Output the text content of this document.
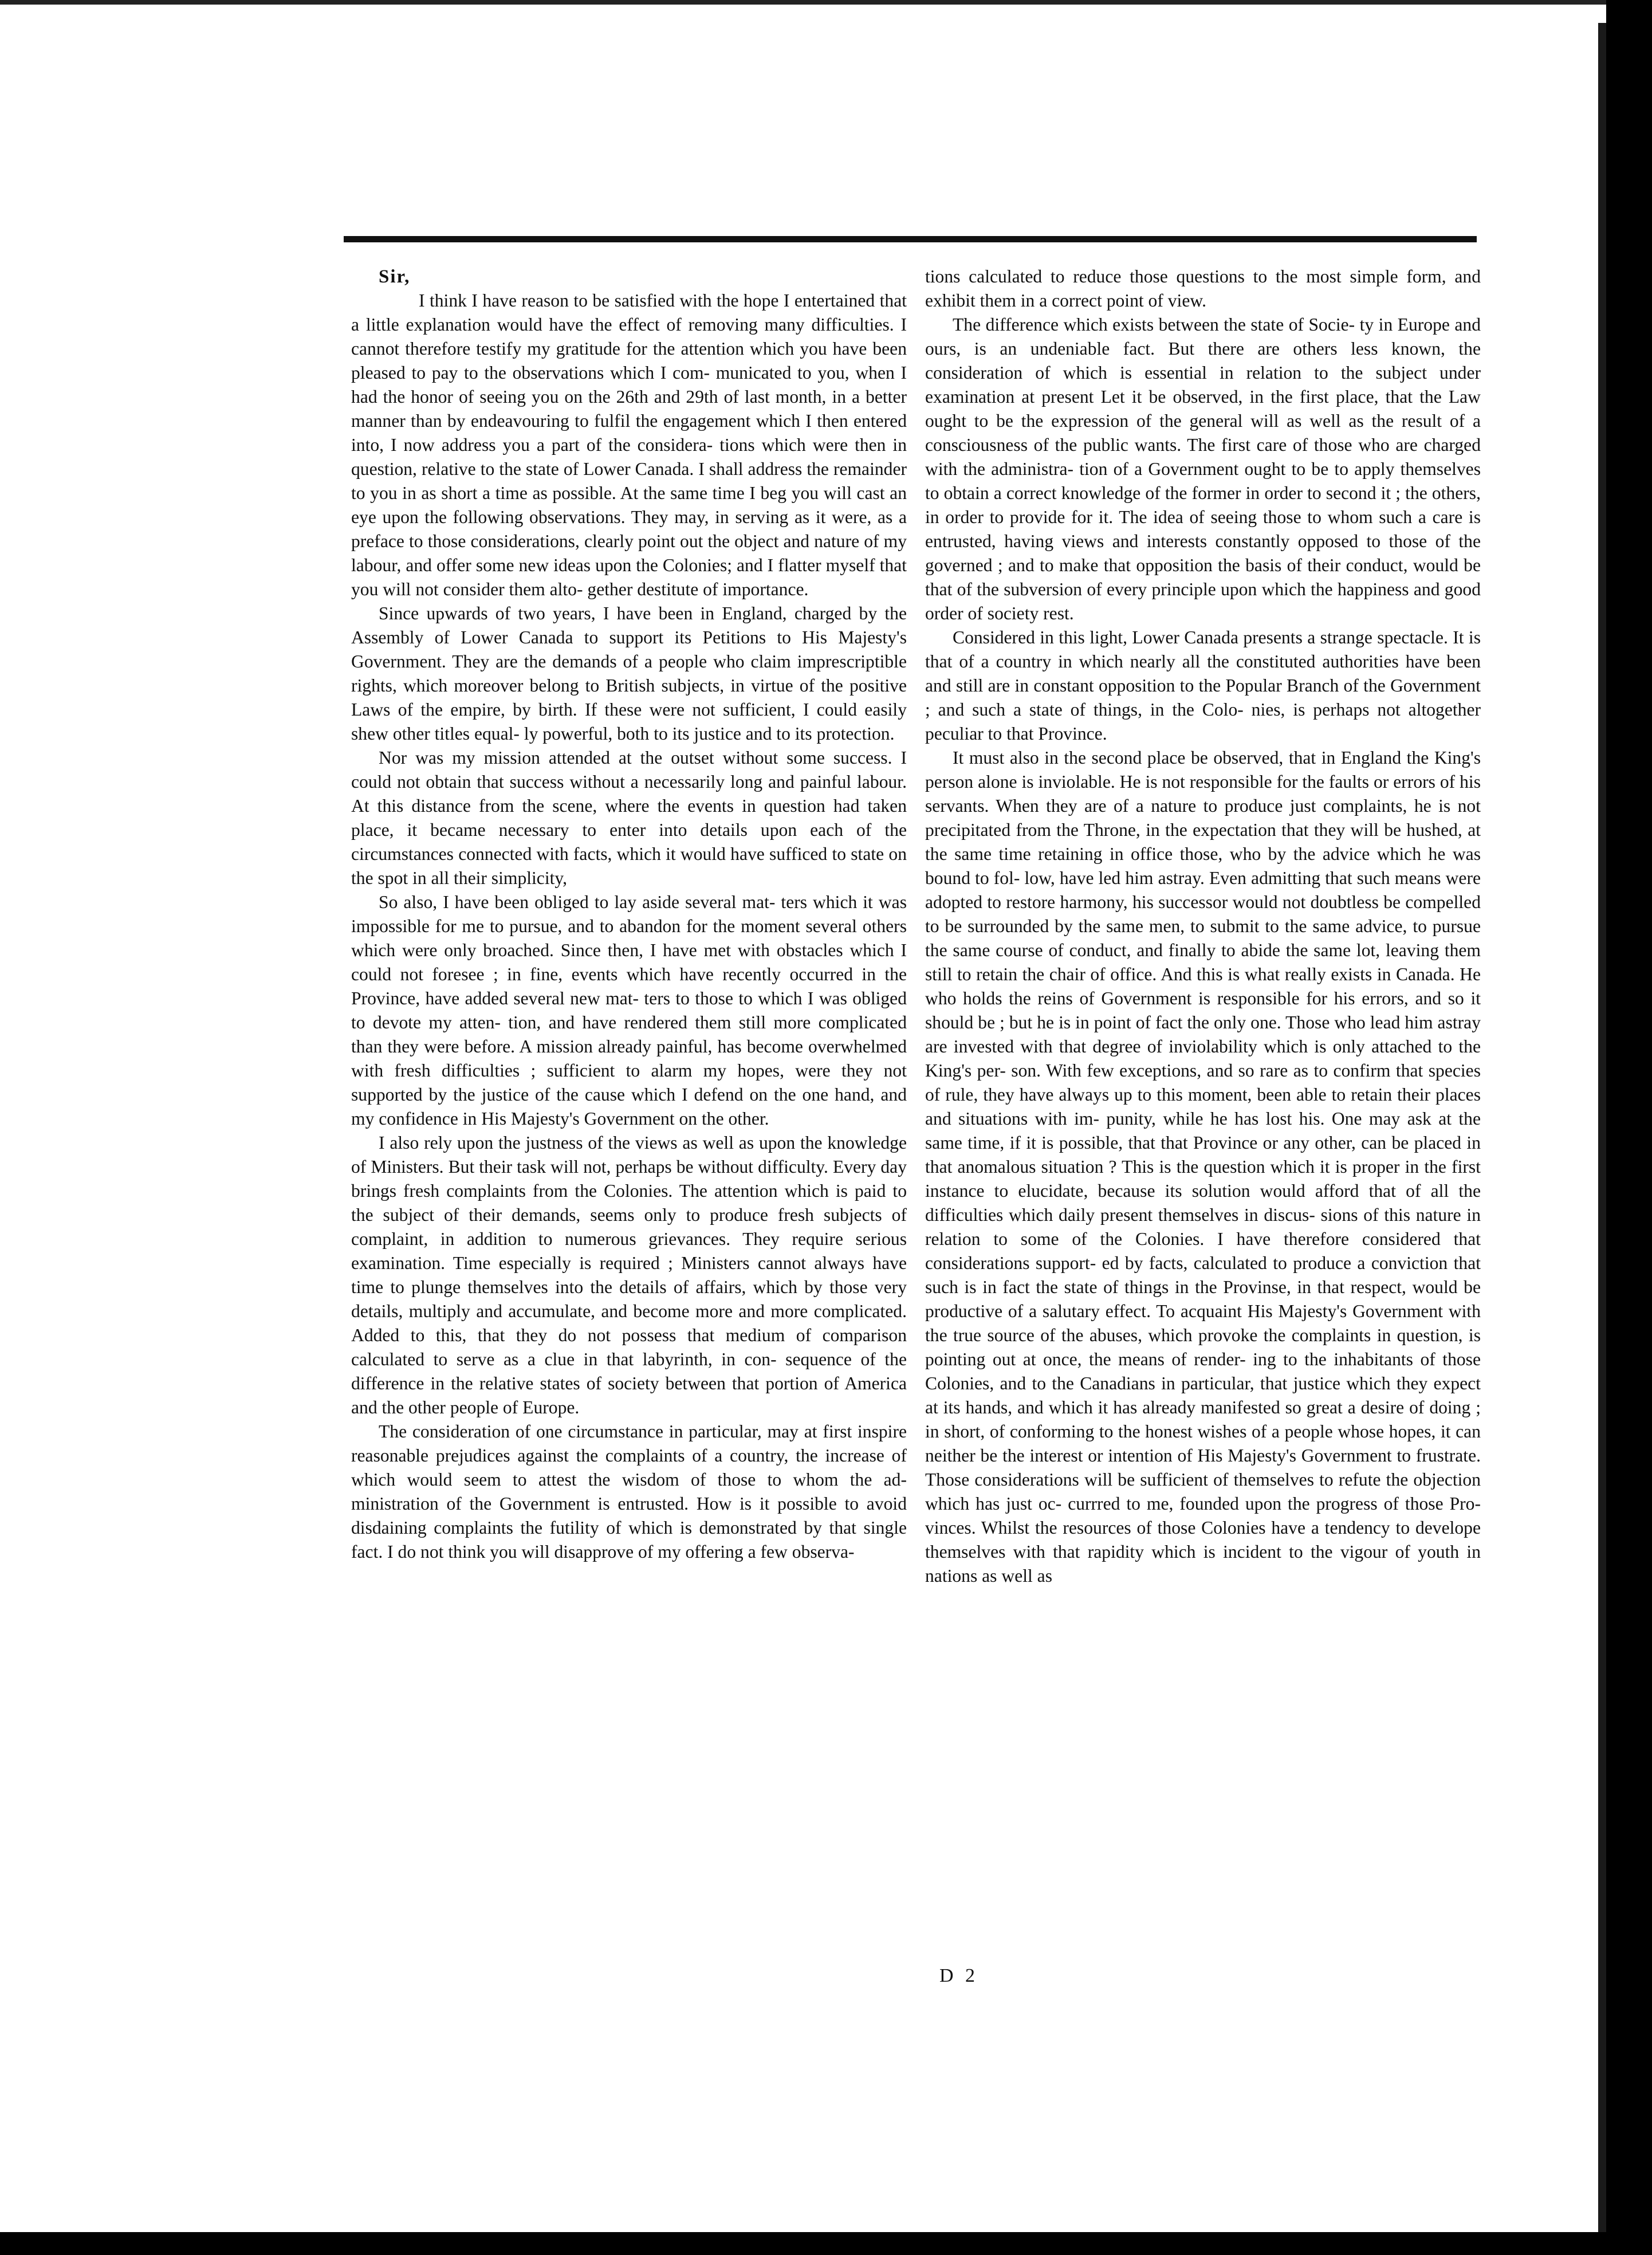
Sir,

I think I have reason to be satisfied with the hope I entertained that a little explanation would have the effect of removing many difficulties. I cannot therefore testify my gratitude for the attention which you have been pleased to pay to the observations which I com- municated to you, when I had the honor of seeing you on the 26th and 29th of last month, in a better manner than by endeavouring to fulfil the engagement which I then entered into, I now address you a part of the considera- tions which were then in question, relative to the state of Lower Canada. I shall address the remainder to you in as short a time as possible. At the same time I beg you will cast an eye upon the following observations. They may, in serving as it were, as a preface to those considerations, clearly point out the object and nature of my labour, and offer some new ideas upon the Colonies; and I flatter myself that you will not consider them alto- gether destitute of importance.

Since upwards of two years, I have been in England, charged by the Assembly of Lower Canada to support its Petitions to His Majesty's Government. They are the demands of a people who claim imprescriptible rights, which moreover belong to British subjects, in virtue of the positive Laws of the empire, by birth. If these were not sufficient, I could easily shew other titles equal- ly powerful, both to its justice and to its protection.

Nor was my mission attended at the outset without some success. I could not obtain that success without a necessarily long and painful labour. At this distance from the scene, where the events in question had taken place, it became necessary to enter into details upon each of the circumstances connected with facts, which it would have sufficed to state on the spot in all their simplicity,

So also, I have been obliged to lay aside several mat- ters which it was impossible for me to pursue, and to abandon for the moment several others which were only broached. Since then, I have met with obstacles which I could not foresee ; in fine, events which have recently occurred in the Province, have added several new mat- ters to those to which I was obliged to devote my atten- tion, and have rendered them still more complicated than they were before. A mission already painful, has become overwhelmed with fresh difficulties ; sufficient to alarm my hopes, were they not supported by the justice of the cause which I defend on the one hand, and my confidence in His Majesty's Government on the other.

I also rely upon the justness of the views as well as upon the knowledge of Ministers. But their task will not, perhaps be without difficulty. Every day brings fresh complaints from the Colonies. The attention which is paid to the subject of their demands, seems only to produce fresh subjects of complaint, in addition to numerous grievances. They require serious examination. Time especially is required ; Ministers cannot always have time to plunge themselves into the details of affairs, which by those very details, multiply and accumulate, and become more and more complicated. Added to this, that they do not possess that medium of comparison calculated to serve as a clue in that labyrinth, in con- sequence of the difference in the relative states of society between that portion of America and the other people of Europe.

The consideration of one circumstance in particular, may at first inspire reasonable prejudices against the complaints of a country, the increase of which would seem to attest the wisdom of those to whom the ad- ministration of the Government is entrusted. How is it possible to avoid disdaining complaints the futility of which is demonstrated by that single fact. I do not think you will disapprove of my offering a few observa-

tions calculated to reduce those questions to the most simple form, and exhibit them in a correct point of view.

The difference which exists between the state of Socie- ty in Europe and ours, is an undeniable fact. But there are others less known, the consideration of which is essential in relation to the subject under examination at present Let it be observed, in the first place, that the Law ought to be the expression of the general will as well as the result of a consciousness of the public wants. The first care of those who are charged with the administra- tion of a Government ought to be to apply themselves to obtain a correct knowledge of the former in order to second it ; the others, in order to provide for it. The idea of seeing those to whom such a care is entrusted, having views and interests constantly opposed to those of the governed ; and to make that opposition the basis of their conduct, would be that of the subversion of every principle upon which the happiness and good order of society rest.

Considered in this light, Lower Canada presents a strange spectacle. It is that of a country in which nearly all the constituted authorities have been and still are in constant opposition to the Popular Branch of the Government ; and such a state of things, in the Colo- nies, is perhaps not altogether peculiar to that Province.

It must also in the second place be observed, that in England the King's person alone is inviolable. He is not responsible for the faults or errors of his servants. When they are of a nature to produce just complaints, he is not precipitated from the Throne, in the expectation that they will be hushed, at the same time retaining in office those, who by the advice which he was bound to fol- low, have led him astray. Even admitting that such means were adopted to restore harmony, his successor would not doubtless be compelled to be surrounded by the same men, to submit to the same advice, to pursue the same course of conduct, and finally to abide the same lot, leaving them still to retain the chair of office. And this is what really exists in Canada. He who holds the reins of Government is responsible for his errors, and so it should be ; but he is in point of fact the only one. Those who lead him astray are invested with that degree of inviolability which is only attached to the King's per- son. With few exceptions, and so rare as to confirm that species of rule, they have always up to this moment, been able to retain their places and situations with im- punity, while he has lost his. One may ask at the same time, if it is possible, that that Province or any other, can be placed in that anomalous situation ? This is the question which it is proper in the first instance to elucidate, because its solution would afford that of all the difficulties which daily present themselves in discus- sions of this nature in relation to some of the Colonies. I have therefore considered that considerations support- ed by facts, calculated to produce a conviction that such is in fact the state of things in the Provinse, in that respect, would be productive of a salutary effect. To acquaint His Majesty's Government with the true source of the abuses, which provoke the complaints in question, is pointing out at once, the means of render- ing to the inhabitants of those Colonies, and to the Canadians in particular, that justice which they expect at its hands, and which it has already manifested so great a desire of doing ; in short, of conforming to the honest wishes of a people whose hopes, it can neither be the interest or intention of His Majesty's Government to frustrate. Those considerations will be sufficient of themselves to refute the objection which has just oc- currred to me, founded upon the progress of those Pro- vinces. Whilst the resources of those Colonies have a tendency to develope themselves with that rapidity which is incident to the vigour of youth in nations as well as

D 2
